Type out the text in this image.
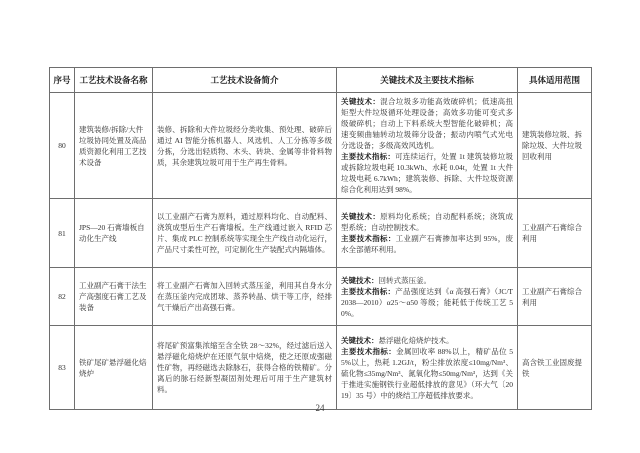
序号	工艺技术设备名称	工艺技术设备简介	关键技术及主要技术指标	具体适用范围
80	建筑装修/拆除/大件垃圾协同处置及高品质资源化利用工艺技术设备	装修、拆除和大件垃圾经分类收集、预处理、破碎后通过 AI 智能分拣机器人、风选机、人工分拣等多级分拣，分选出轻质物、木头、砖块、金属等非骨料物质，其余建筑垃圾可用于生产再生骨料。	关键技术：混合垃圾多功能高效破碎机；低速高扭矩型大件垃圾循环处理设备；高效多功能可变式多级破碎机；自动上下料系统大型智能化破碎机；高速变频曲轴转动垃圾筛分设备；振动内喷气式光电分选设备；多级高效风选机。

主要技术指标：可连续运行，处置 1t 建筑装修垃圾或拆除垃圾电耗 10.3kWh、水耗 0.04t，处置 1t 大件垃圾电耗 6.7kWh；建筑装修、拆除、大件垃圾资源综合化利用达到 98%。	建筑装修垃圾、拆除垃圾、大件垃圾回收利用
81	JPS—20 石膏墙板自动化生产线	以工业副产石膏为原料，通过原料均化、自动配料、浇筑成型后生产石膏墙板。生产线通过嵌入 RFID 芯片、集成 PLC 控制系统等实现全生产线自动化运行，产品尺寸柔性可控，可定制化生产装配式内隔墙体。	关键技术：原料均化系统；自动配料系统；浇筑成型系统；自动控制技术。

主要技术指标：工业副产石膏掺加率达到 95%，废水全部循环利用。	工业副产石膏综合利用
82	工业副产石膏干法生产高强度石膏工艺及装备	将工业副产石膏加入回转式蒸压釜，利用其自身水分在蒸压釜内完成团球、蒸养转晶、烘干等工序，经排气干燥后产出高强石膏。	关键技术：回转式蒸压釜。

主要技术指标：产品强度达到《α 高强石膏》（JC/T 2038—2010）α25～α50 等级；能耗低于传统工艺 50%。	工业副产石膏综合利用
83	铁矿尾矿悬浮磁化焙烧炉	将尾矿预富集浓缩至含全铁 28～32%，经过滤后送入悬浮磁化焙烧炉在还原气氛中焙烧，使之还原成强磁性矿物，再经磁选去除脉石，获得合格的铁精矿。分离后的脉石经新型凝固剂处理后可用于生产建筑材料。	关键技术：悬浮磁化焙烧炉技术。

主要技术指标：金属回收率 88%以上，精矿品位 55%以上，热耗 1.2GJ/t，粉尘排放浓度≤10mg/Nm³、硫化物≤35mg/Nm³、氮氧化物≤50mg/Nm³，达到《关于推进实施钢铁行业超低排放的意见》（环大气〔2019〕35 号）中的烧结工序超低排放要求。	高含铁工业固废提铁
24
